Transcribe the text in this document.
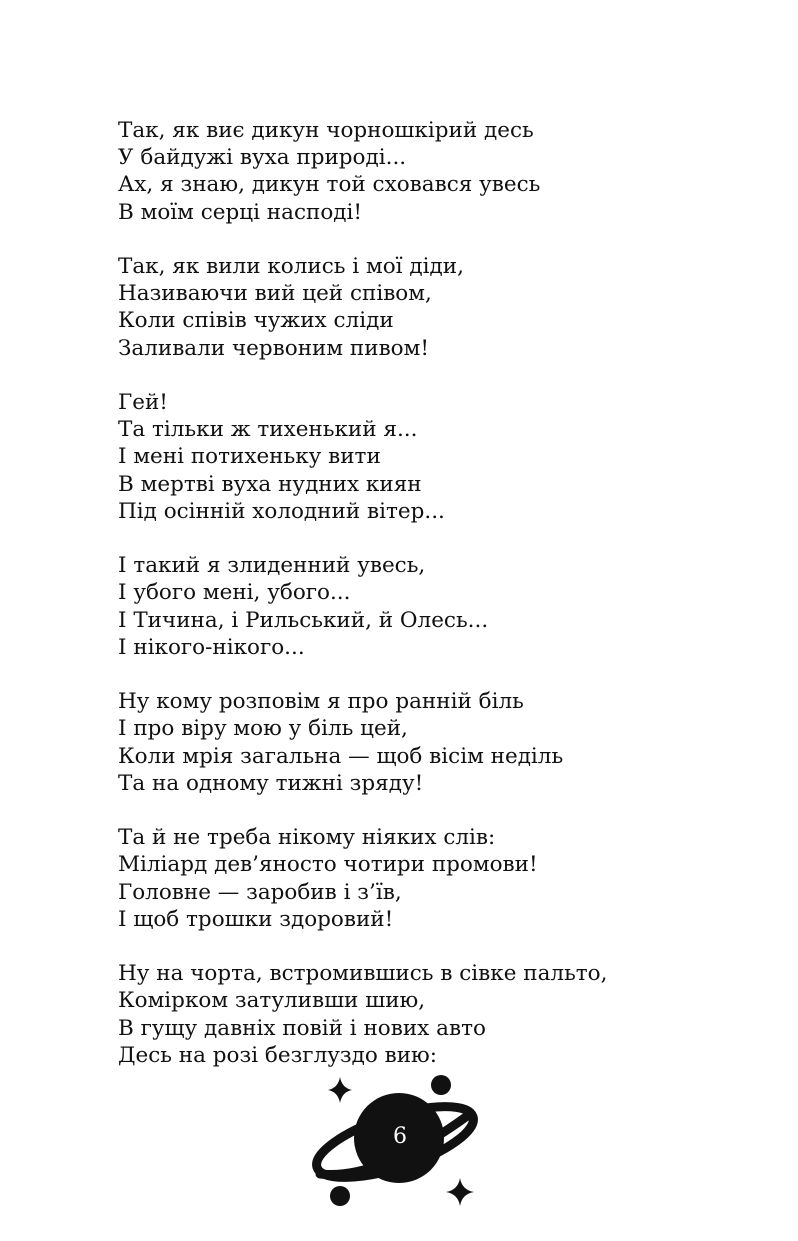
Так, як виє дикун чорношкірий десь
У байдужі вуха природі...
Ах, я знаю, дикун той сховався увесь
В моїм серці насподі!
Так, як вили колись і мої діди,
Називаючи вий цей співом,
Коли співів чужих сліди
Заливали червоним пивом!
Гей!
Та тільки ж тихенький я...
І мені потихеньку вити
В мертві вуха нудних киян
Під осінній холодний вітер...
І такий я злиденний увесь,
І убого мені, убого...
І Тичина, і Рильський, й Олесь...
І нікого-нікого...
Ну кому розповім я про ранній біль
І про віру мою у біль цей,
Коли мрія загальна — щоб вісім неділь
Та на одному тижні зряду!
Та й не треба нікому ніяких слів:
Міліард дев’яносто чотири промови!
Головне — заробив і з’їв,
І щоб трошки здоровий!
Ну на чорта, встромившись в сівке пальто,
Комірком затуливши шию,
В гущу давніх повій і нових авто
Десь на розі безглуздо вию:
6
